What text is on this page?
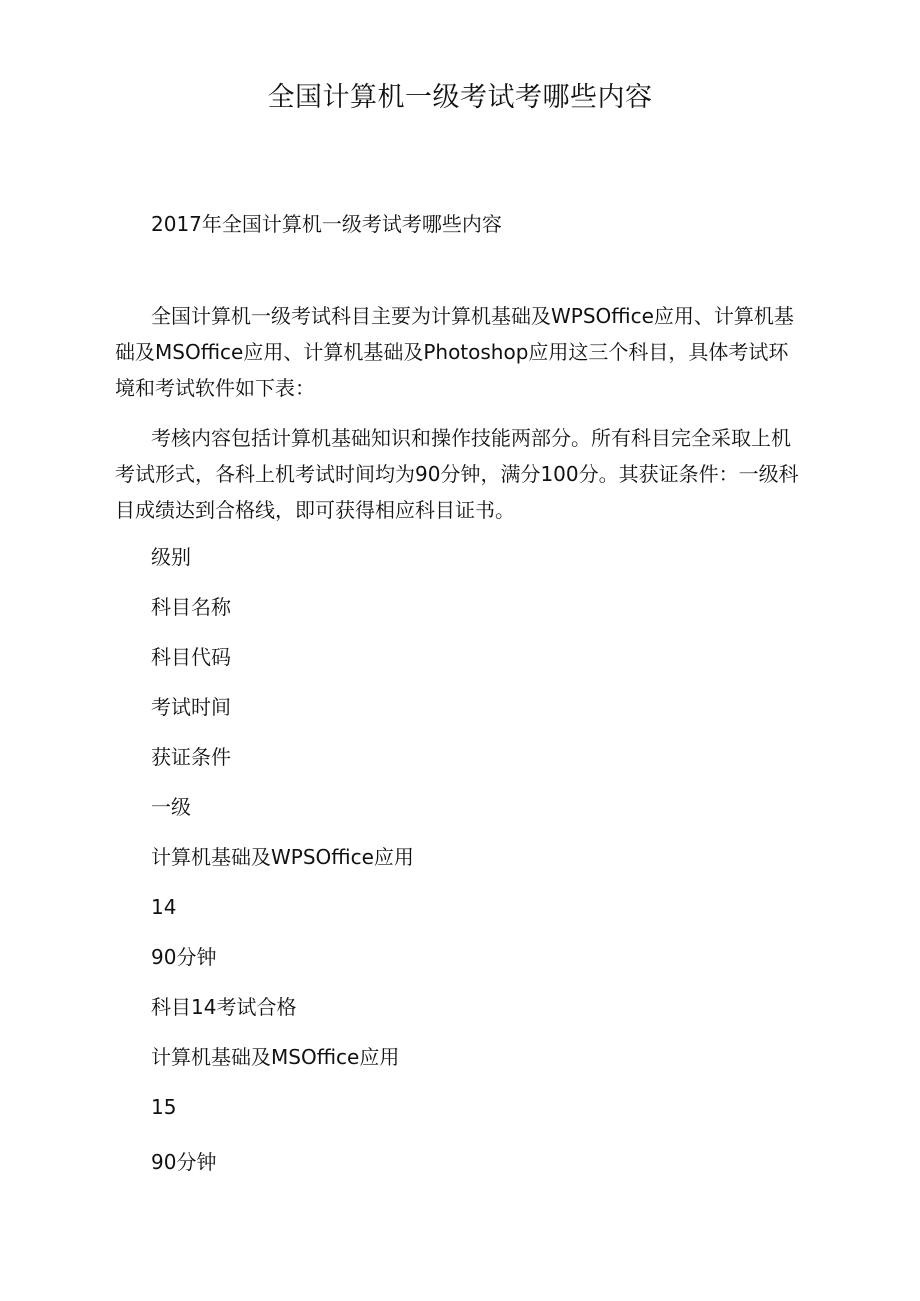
全国计算机一级考试考哪些内容
2017年全国计算机一级考试考哪些内容

全国计算机一级考试科目主要为计算机基础及WPSOffice应用、计算机基础及MSOffice应用、计算机基础及Photoshop应用这三个科目，具体考试环境和考试软件如下表：

考核内容包括计算机基础知识和操作技能两部分。所有科目完全采取上机考试形式，各科上机考试时间均为90分钟，满分100分。其获证条件：一级科目成绩达到合格线，即可获得相应科目证书。

级别
科目名称
科目代码
考试时间
获证条件
一级
计算机基础及WPSOffice应用
14
90分钟
科目14考试合格
计算机基础及MSOffice应用
15
90分钟
